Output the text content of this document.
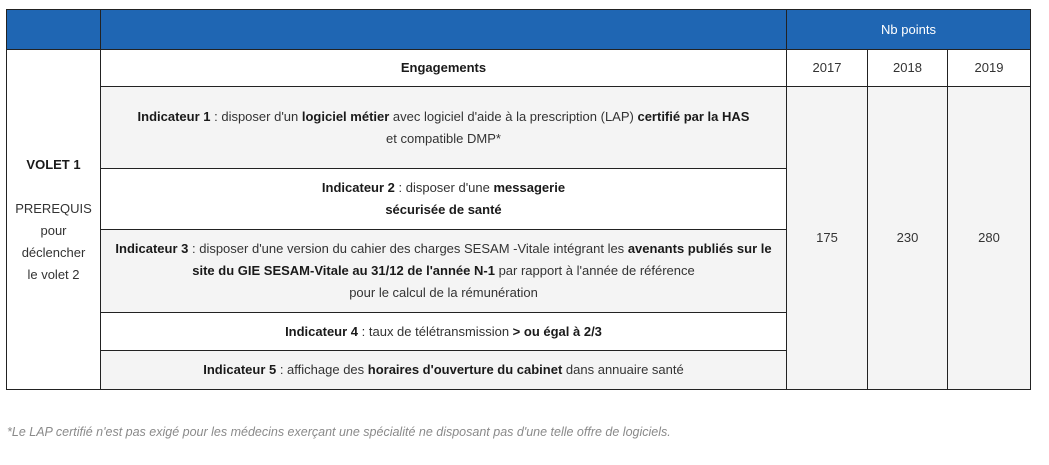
		Nb points		
VOLET 1

PREREQUIS
pour
déclencher
le volet 2	Engagements	2017	2018	2019
	Indicateur 1 : disposer d'un logiciel métier avec logiciel d'aide à la prescription (LAP) certifié par la HAS
et compatible DMP*	175	230	280
	Indicateur 2 : disposer d'une messagerie
sécurisée de santé			
	Indicateur 3 : disposer d'une version du cahier des charges SESAM -Vitale intégrant les avenants publiés sur le site du GIE SESAM-Vitale au 31/12 de l'année N-1 par rapport à l'année de référence
pour le calcul de la rémunération			
	Indicateur 4 : taux de télétransmission > ou égal à 2/3			
	Indicateur 5 : affichage des horaires d'ouverture du cabinet dans annuaire santé			
*Le LAP certifié n'est pas exigé pour les médecins exerçant une spécialité ne disposant pas d'une telle offre de logiciels.
